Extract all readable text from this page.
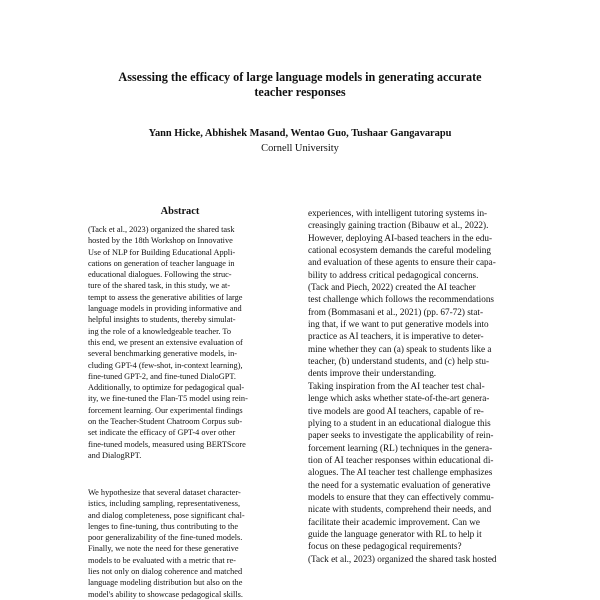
Assessing the efficacy of large language models in generating accurate
teacher responses
Yann Hicke, Abhishek Masand, Wentao Guo, Tushaar Gangavarapu
Cornell University
Abstract
(Tack et al., 2023) organized the shared task
hosted by the 18th Workshop on Innovative
Use of NLP for Building Educational Appli-
cations on generation of teacher language in
educational dialogues. Following the struc-
ture of the shared task, in this study, we at-
tempt to assess the generative abilities of large
language models in providing informative and
helpful insights to students, thereby simulat-
ing the role of a knowledgeable teacher. To
this end, we present an extensive evaluation of
several benchmarking generative models, in-
cluding GPT-4 (few-shot, in-context learning),
fine-tuned GPT-2, and fine-tuned DialoGPT.
Additionally, to optimize for pedagogical qual-
ity, we fine-tuned the Flan-T5 model using rein-
forcement learning. Our experimental findings
on the Teacher-Student Chatroom Corpus sub-
set indicate the efficacy of GPT-4 over other
fine-tuned models, measured using BERTScore
and DialogRPT.
We hypothesize that several dataset character-
istics, including sampling, representativeness,
and dialog completeness, pose significant chal-
lenges to fine-tuning, thus contributing to the
poor generalizability of the fine-tuned models.
Finally, we note the need for these generative
models to be evaluated with a metric that re-
lies not only on dialog coherence and matched
language modeling distribution but also on the
model's ability to showcase pedagogical skills.
experiences, with intelligent tutoring systems in-
creasingly gaining traction (Bibauw et al., 2022).
However, deploying AI-based teachers in the edu-
cational ecosystem demands the careful modeling
and evaluation of these agents to ensure their capa-
bility to address critical pedagogical concerns.
(Tack and Piech, 2022) created the AI teacher
test challenge which follows the recommendations
from (Bommasani et al., 2021) (pp. 67-72) stat-
ing that, if we want to put generative models into
practice as AI teachers, it is imperative to deter-
mine whether they can (a) speak to students like a
teacher, (b) understand students, and (c) help stu-
dents improve their understanding.
Taking inspiration from the AI teacher test chal-
lenge which asks whether state-of-the-art genera-
tive models are good AI teachers, capable of re-
plying to a student in an educational dialogue this
paper seeks to investigate the applicability of rein-
forcement learning (RL) techniques in the genera-
tion of AI teacher responses within educational di-
alogues. The AI teacher test challenge emphasizes
the need for a systematic evaluation of generative
models to ensure that they can effectively commu-
nicate with students, comprehend their needs, and
facilitate their academic improvement. Can we
guide the language generator with RL to help it
focus on these pedagogical requirements?
(Tack et al., 2023) organized the shared task hosted
